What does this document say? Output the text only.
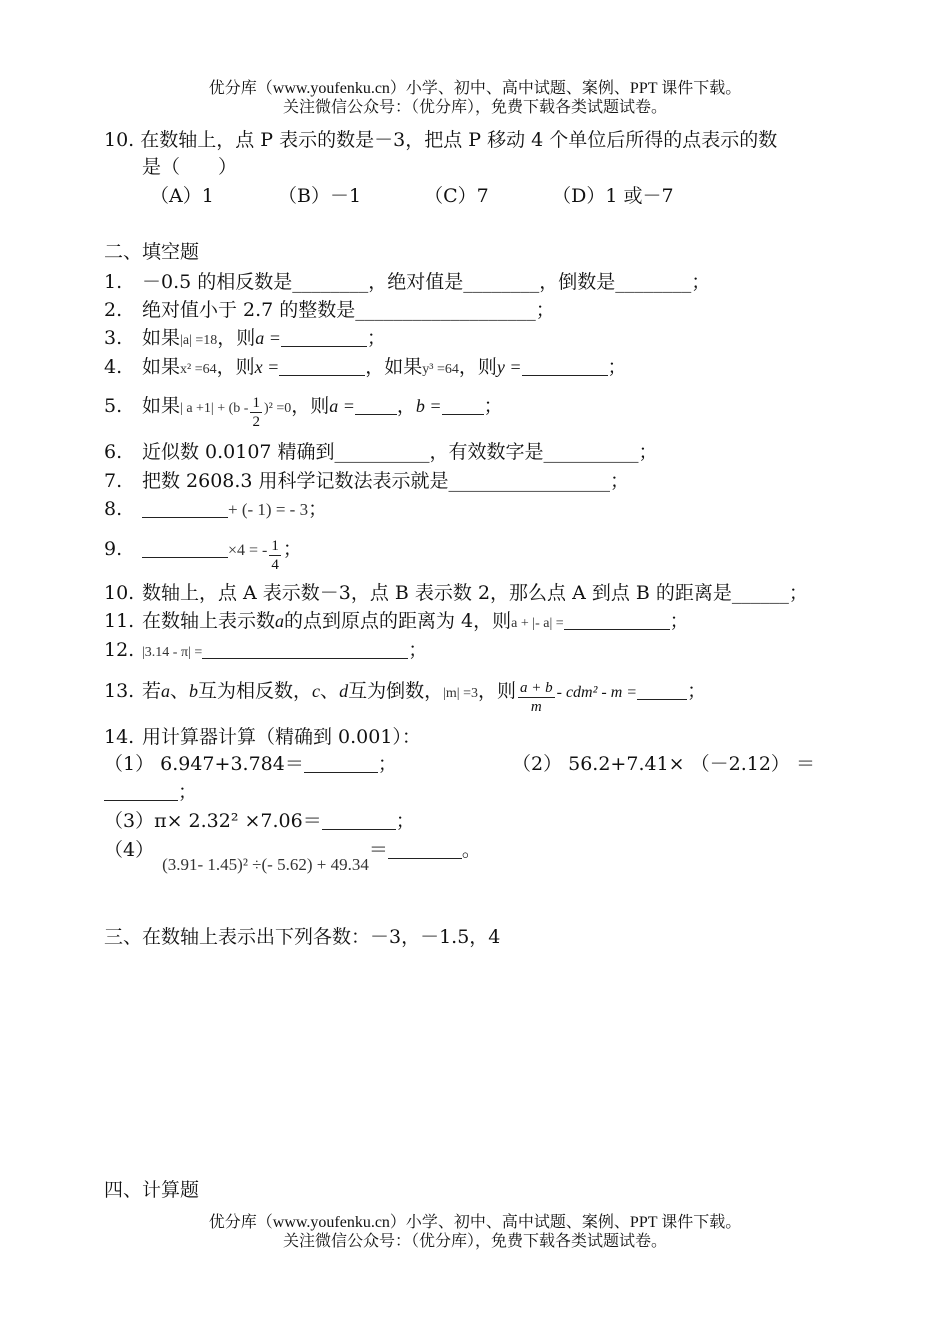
优分库（www.youfenku.cn）小学、初中、高中试题、案例、PPT 课件下载。
关注微信公众号：（优分库），免费下载各类试题试卷。
10. 在数轴上，点 P 表示的数是－3，把点 P 移动 4 个单位后所得的点表示的数
是（　　）
（A）1	（B）－1	（C）7	（D）1 或－7
二、填空题
1. －0.5 的相反数是________，绝对值是________，倒数是________；
2. 绝对值小于 2.7 的整数是___________________；
3. 如果|a| =18，则a =	；
4. 如果x² =64，则x =	，如果y³ =64，则y =	；
5. 如果| $a +1| + (b - \frac{1}{2} )^2 =0$，则a = ，b = ；
6. 近似数 0.0107 精确到__________，有效数字是__________；
7. 把数 2608.3 用科学记数法表示就是_________________；
8.	+ (- 1) = - 3；
9.	×4 = - $\frac{1}{4}$ ；
10. 数轴上，点 A 表示数－3，点 B 表示数 2，那么点 A 到点 B 的距离是______；
11. 在数轴上表示数a的点到原点的距离为 4，则a + |- a| =	；
12. |3.14 - π| =	；
13. 若a、b互为相反数，c、d互为倒数，|m| =3，则 $\frac{a + b}{m} - cdm^2$ - m =	；
14. 用计算器计算（精确到 0.001）：
（1） 6.947+3.784＝	；	（2） 56.2+7.41× （－2.12） ＝
；
（3）π× 2.32² ×7.06＝	；
（4）(3.91- 1.45)² ÷(- 5.62) + 49.34＝	。
三、在数轴上表示出下列各数：－3，－1.5，4
四、计算题
优分库（www.youfenku.cn）小学、初中、高中试题、案例、PPT 课件下载。
关注微信公众号：（优分库），免费下载各类试题试卷。
